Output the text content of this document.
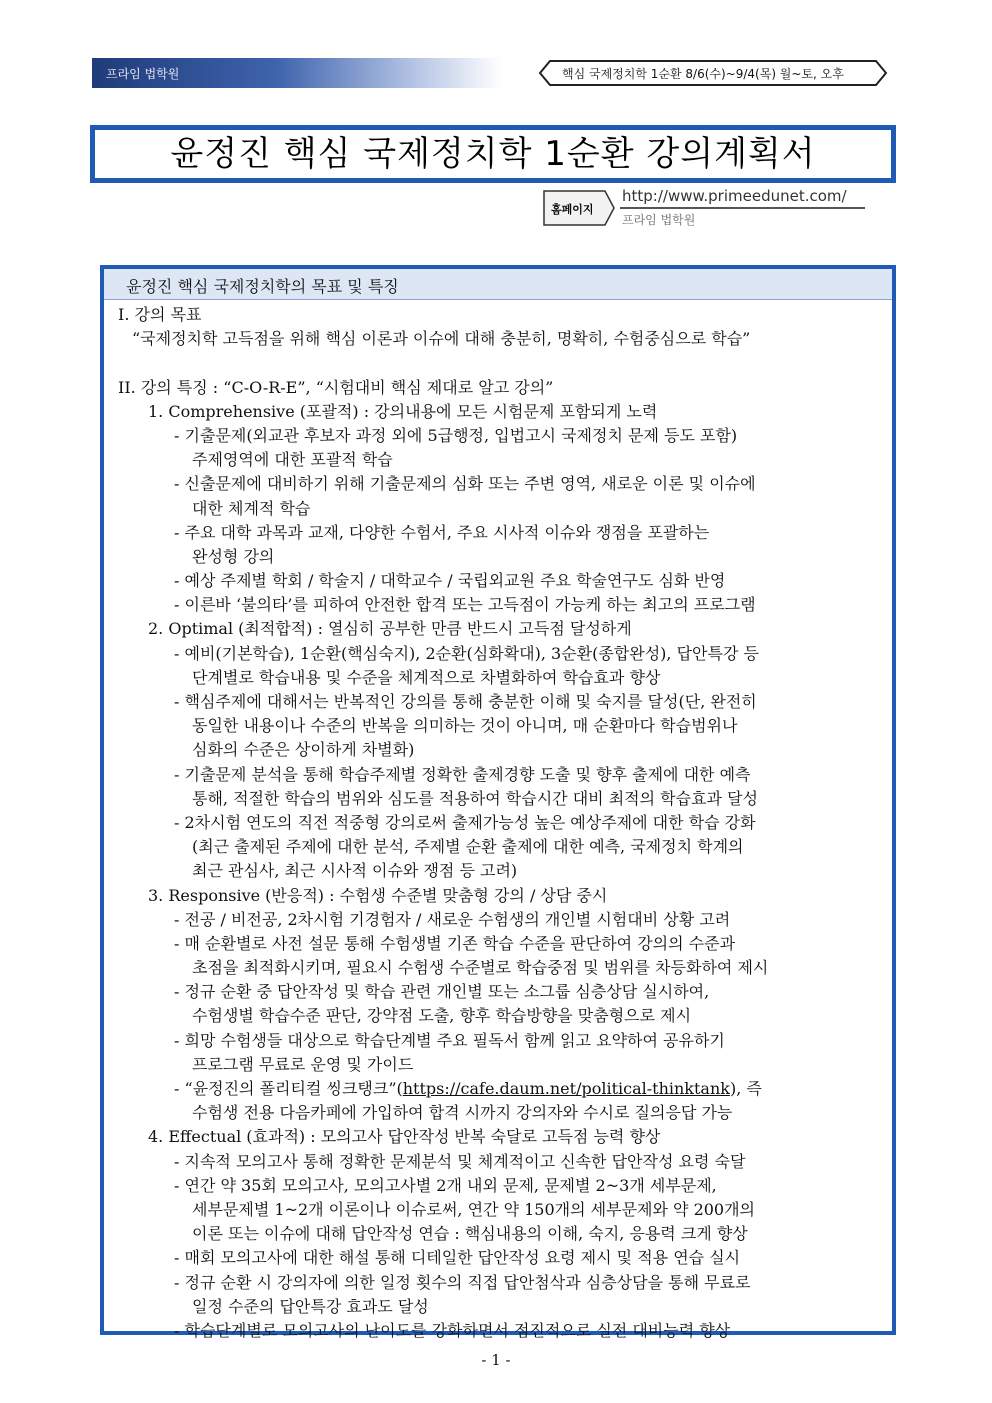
프라임 법학원	핵심 국제정치학 1순환 8/6(수)~9/4(목) 월~토, 오후
윤정진 핵심 국제정치학 1순환 강의계획서
홈페이지
http://www.primeedunet.com/
프라임 법학원
윤정진 핵심 국제정치학의 목표 및 특징
I. 강의 목표
“국제정치학 고득점을 위해 핵심 이론과 이슈에 대해 충분히, 명확히, 수험중심으로 학습”
II. 강의 특징 : “C-O-R-E”, “시험대비 핵심 제대로 알고 강의”
1. Comprehensive (포괄적) : 강의내용에 모든 시험문제 포함되게 노력
- 기출문제(외교관 후보자 과정 외에 5급행정, 입법고시 국제정치 문제 등도 포함)
주제영역에 대한 포괄적 학습
- 신출문제에 대비하기 위해 기출문제의 심화 또는 주변 영역, 새로운 이론 및 이슈에
대한 체계적 학습
- 주요 대학 과목과 교재, 다양한 수험서, 주요 시사적 이슈와 쟁점을 포괄하는
완성형 강의
- 예상 주제별 학회 / 학술지 / 대학교수 / 국립외교원 주요 학술연구도 심화 반영
- 이른바 ‘불의타’를 피하여 안전한 합격 또는 고득점이 가능케 하는 최고의 프로그램
2. Optimal (최적합적) : 열심히 공부한 만큼 반드시 고득점 달성하게
- 예비(기본학습), 1순환(핵심숙지), 2순환(심화확대), 3순환(종합완성), 답안특강 등
단계별로 학습내용 및 수준을 체계적으로 차별화하여 학습효과 향상
- 핵심주제에 대해서는 반복적인 강의를 통해 충분한 이해 및 숙지를 달성(단, 완전히
동일한 내용이나 수준의 반복을 의미하는 것이 아니며, 매 순환마다 학습범위나
심화의 수준은 상이하게 차별화)
- 기출문제 분석을 통해 학습주제별 정확한 출제경향 도출 및 향후 출제에 대한 예측
통해, 적절한 학습의 범위와 심도를 적용하여 학습시간 대비 최적의 학습효과 달성
- 2차시험 연도의 직전 적중형 강의로써 출제가능성 높은 예상주제에 대한 학습 강화
(최근 출제된 주제에 대한 분석, 주제별 순환 출제에 대한 예측, 국제정치 학계의
최근 관심사, 최근 시사적 이슈와 쟁점 등 고려)
3. Responsive (반응적) : 수험생 수준별 맞춤형 강의 / 상담 중시
- 전공 / 비전공, 2차시험 기경험자 / 새로운 수험생의 개인별 시험대비 상황 고려
- 매 순환별로 사전 설문 통해 수험생별 기존 학습 수준을 판단하여 강의의 수준과
초점을 최적화시키며, 필요시 수험생 수준별로 학습중점 및 범위를 차등화하여 제시
- 정규 순환 중 답안작성 및 학습 관련 개인별 또는 소그룹 심층상담 실시하여,
수험생별 학습수준 판단, 강약점 도출, 향후 학습방향을 맞춤형으로 제시
- 희망 수험생들 대상으로 학습단계별 주요 필독서 함께 읽고 요약하여 공유하기
프로그램 무료로 운영 및 가이드
- “윤정진의 폴리티컬 씽크탱크”(https://cafe.daum.net/political-thinktank), 즉
수험생 전용 다음카페에 가입하여 합격 시까지 강의자와 수시로 질의응답 가능
4. Effectual (효과적) : 모의고사 답안작성 반복 숙달로 고득점 능력 향상
- 지속적 모의고사 통해 정확한 문제분석 및 체계적이고 신속한 답안작성 요령 숙달
- 연간 약 35회 모의고사, 모의고사별 2개 내외 문제, 문제별 2~3개 세부문제,
세부문제별 1~2개 이론이나 이슈로써, 연간 약 150개의 세부문제와 약 200개의
이론 또는 이슈에 대해 답안작성 연습 : 핵심내용의 이해, 숙지, 응용력 크게 향상
- 매회 모의고사에 대한 해설 통해 디테일한 답안작성 요령 제시 및 적용 연습 실시
- 정규 순환 시 강의자에 의한 일정 횟수의 직접 답안첨삭과 심층상담을 통해 무료로
일정 수준의 답안특강 효과도 달성
- 학습단계별로 모의고사의 난이도를 강화하면서 점진적으로 실전 대비능력 향상
- 1 -
